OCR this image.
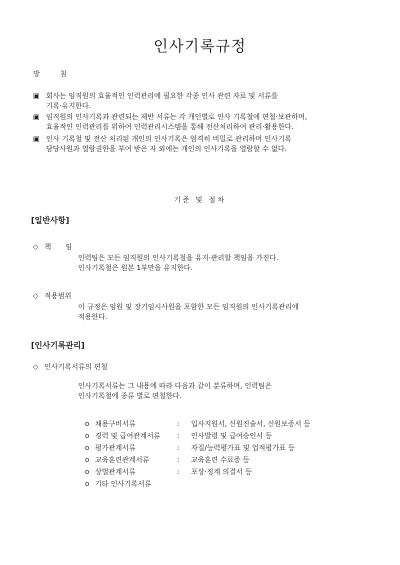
인사기록규정
방 침
▣ 회사는 임직원의 효율적인 인력관리에 필요한 각종 인사 관련 자료 및 서류를
기록·유지한다.
▣ 임직원의 인사기록과 관련되는 제반 서류는 각 개인별로 인사 기록철에 편철·보관하며,
효율적인 인력관리를 위하여 인력관리시스템을 통해 전산처리하여 관리·활용한다.
▣ 인사 기록철 및 전산 처리된 개인의 인사기록은 엄격히 비밀로 관리하며 인사기록
담당사원과 열람권한을 부여 받은 자 외에는 개인의 인사기록을 열람할 수 없다.
기준 및 절차
[일반사항]
◇ 책 임
인력팀은 모든 임직원의 인사기록철을 유지·관리할 책임을 가진다.
인사기록철은 원본 1부만을 유지한다.
◇ 적용범위
이 규정은 임원 및 장기임시사원을 포함한 모든 임직원의 인사기록관리에
적용한다.
[인사기록관리]
◇ 인사기록서류의 편철
인사기록서류는 그 내용에 따라 다음과 같이 분류하며, 인력팀은
인사기록철에 종류 별로 편철한다.
o 채용구비서류	:	입사지원서, 신원진술서, 신원보증서 등
o 경력 및 급여관계서류	:	인사발령 및 급여승인서 등
o 평가관계서류	:	자질/능력평가표 및 업적평가표 등
o 교육훈련관계서류	:	교육훈련 수료증 등
o 상벌관계서류	:	포상·징계 의결서 등
o 기타 인사기록서류
